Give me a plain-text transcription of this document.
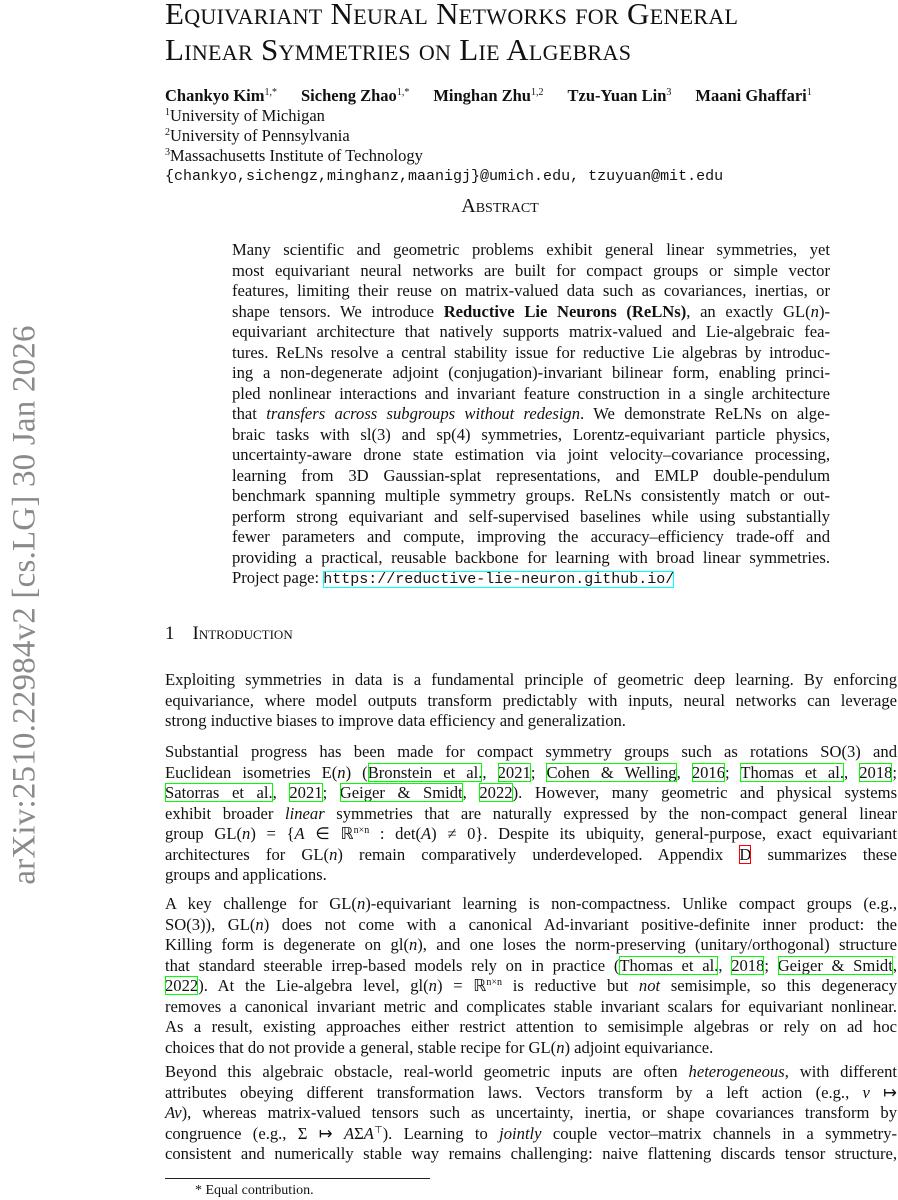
arXiv:2510.22984v2 [cs.LG] 30 Jan 2026
Equivariant Neural Networks for General
Linear Symmetries on Lie Algebras
Chankyo Kim$^{1,*}$ Sicheng Zhao$^{1,*}$ Minghan Zhu$^{1,2}$ Tzu-Yuan Lin$^3$ Maani Ghaffari$^1$
$^1$University of Michigan
$^2$University of Pennsylvania
$^3$Massachusetts Institute of Technology
{chankyo,sichengz,minghanz,maanigj}@umich.edu, tzuyuan@mit.edu
Abstract
Many scientific and geometric problems exhibit general linear symmetries, yet
most equivariant neural networks are built for compact groups or simple vector
features, limiting their reuse on matrix-valued data such as covariances, inertias, or
shape tensors. We introduce Reductive Lie Neurons (ReLNs), an exactly GL(n)-
equivariant architecture that natively supports matrix-valued and Lie-algebraic fea-
tures. ReLNs resolve a central stability issue for reductive Lie algebras by introduc-
ing a non-degenerate adjoint (conjugation)-invariant bilinear form, enabling princi-
pled nonlinear interactions and invariant feature construction in a single architecture
that transfers across subgroups without redesign. We demonstrate ReLNs on alge-
braic tasks with sl(3) and sp(4) symmetries, Lorentz-equivariant particle physics,
uncertainty-aware drone state estimation via joint velocity–covariance processing,
learning from 3D Gaussian-splat representations, and EMLP double-pendulum
benchmark spanning multiple symmetry groups. ReLNs consistently match or out-
perform strong equivariant and self-supervised baselines while using substantially
fewer parameters and compute, improving the accuracy–efficiency trade-off and
providing a practical, reusable backbone for learning with broad linear symmetries.
Project page: https://reductive-lie-neuron.github.io/
1 Introduction
Exploiting symmetries in data is a fundamental principle of geometric deep learning. By enforcing
equivariance, where model outputs transform predictably with inputs, neural networks can leverage
strong inductive biases to improve data efficiency and generalization.
Substantial progress has been made for compact symmetry groups such as rotations SO(3) and
Euclidean isometries E(n) (Bronstein et al., 2021; Cohen & Welling, 2016; Thomas et al., 2018;
Satorras et al., 2021; Geiger & Smidt, 2022). However, many geometric and physical systems
exhibit broader linear symmetries that are naturally expressed by the non-compact general linear
group GL(n) = {A ∈ ℝ$^{n\times n}$ : det(A) ≠ 0}. Despite its ubiquity, general-purpose, exact equivariant
architectures for GL(n) remain comparatively underdeveloped. Appendix D summarizes these
groups and applications.
A key challenge for GL(n)-equivariant learning is non-compactness. Unlike compact groups (e.g.,
SO(3)), GL(n) does not come with a canonical Ad-invariant positive-definite inner product: the
Killing form is degenerate on gl(n), and one loses the norm-preserving (unitary/orthogonal) structure
that standard steerable irrep-based models rely on in practice (Thomas et al., 2018; Geiger & Smidt,
2022). At the Lie-algebra level, gl(n) = ℝ$^{n\times n}$ is reductive but not semisimple, so this degeneracy
removes a canonical invariant metric and complicates stable invariant scalars for equivariant nonlinear.
As a result, existing approaches either restrict attention to semisimple algebras or rely on ad hoc
choices that do not provide a general, stable recipe for GL(n) adjoint equivariance.
Beyond this algebraic obstacle, real-world geometric inputs are often heterogeneous, with different
attributes obeying different transformation laws. Vectors transform by a left action (e.g., v ↦
Av), whereas matrix-valued tensors such as uncertainty, inertia, or shape covariances transform by
congruence (e.g., Σ ↦ AΣA⊤). Learning to jointly couple vector–matrix channels in a symmetry-
consistent and numerically stable way remains challenging: naive flattening discards tensor structure,
* Equal contribution.
